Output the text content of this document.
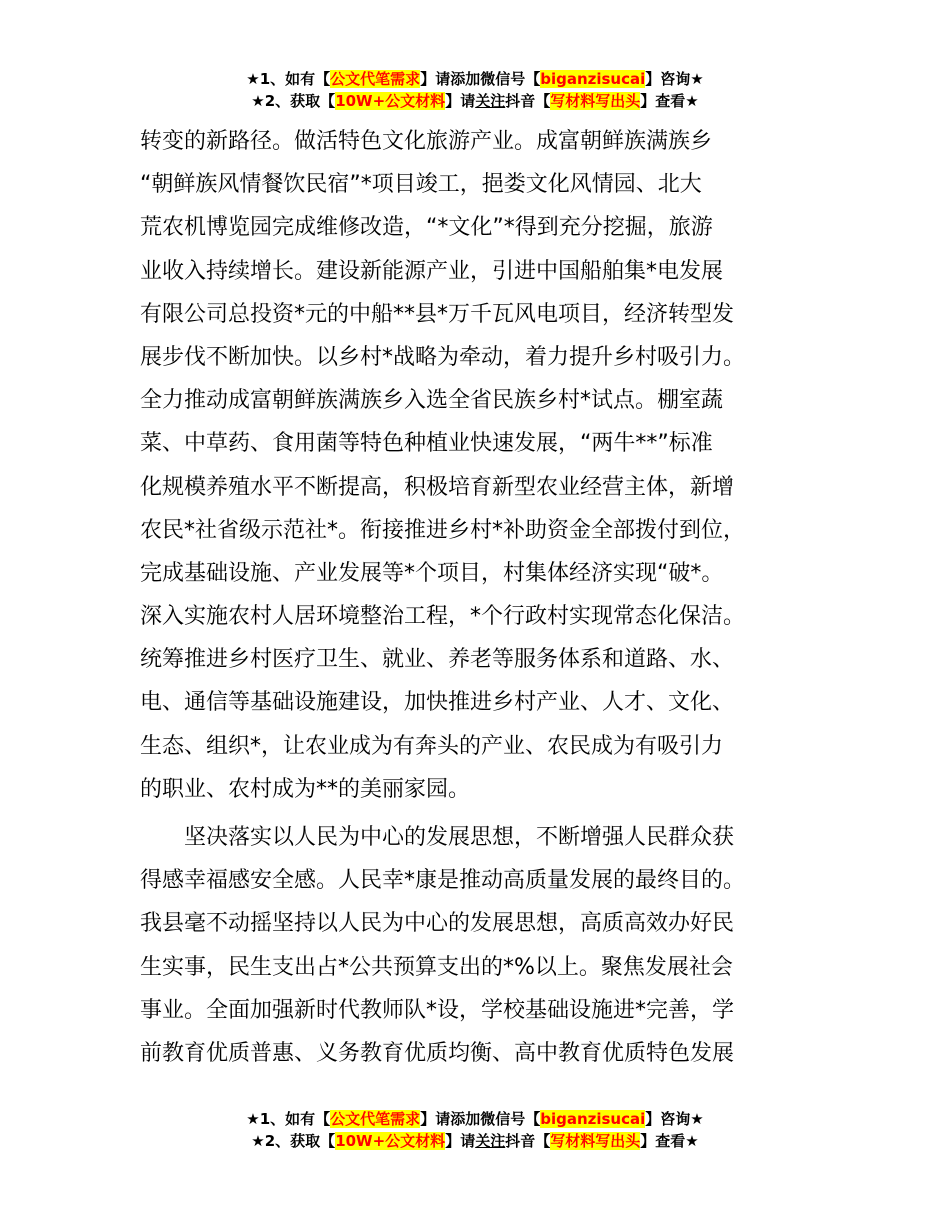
★1、如有【公文代笔需求】请添加微信号【biganzisucai】咨询★
★2、获取【10W+公文材料】请关注抖音【写材料写出头】查看★
转变的新路径。做活特色文化旅游产业。成富朝鲜族满族乡
“朝鲜族风情餐饮民宿”*项目竣工，挹娄文化风情园、北大
荒农机博览园完成维修改造，“*文化”*得到充分挖掘，旅游
业收入持续增长。建设新能源产业，引进中国船舶集*电发展
有限公司总投资*元的中船**县*万千瓦风电项目，经济转型发
展步伐不断加快。以乡村*战略为牵动，着力提升乡村吸引力。
全力推动成富朝鲜族满族乡入选全省民族乡村*试点。棚室蔬
菜、中草药、食用菌等特色种植业快速发展，“两牛**”标准
化规模养殖水平不断提高，积极培育新型农业经营主体，新增
农民*社省级示范社*。衔接推进乡村*补助资金全部拨付到位，
完成基础设施、产业发展等*个项目，村集体经济实现“破*。
深入实施农村人居环境整治工程，*个行政村实现常态化保洁。
统筹推进乡村医疗卫生、就业、养老等服务体系和道路、水、
电、通信等基础设施建设，加快推进乡村产业、人才、文化、
生态、组织*，让农业成为有奔头的产业、农民成为有吸引力
的职业、农村成为**的美丽家园。
　　坚决落实以人民为中心的发展思想，不断增强人民群众获
得感幸福感安全感。人民幸*康是推动高质量发展的最终目的。
我县毫不动摇坚持以人民为中心的发展思想，高质高效办好民
生实事，民生支出占*公共预算支出的*%以上。聚焦发展社会
事业。全面加强新时代教师队*设，学校基础设施进*完善，学
前教育优质普惠、义务教育优质均衡、高中教育优质特色发展
★1、如有【公文代笔需求】请添加微信号【biganzisucai】咨询★
★2、获取【10W+公文材料】请关注抖音【写材料写出头】查看★
